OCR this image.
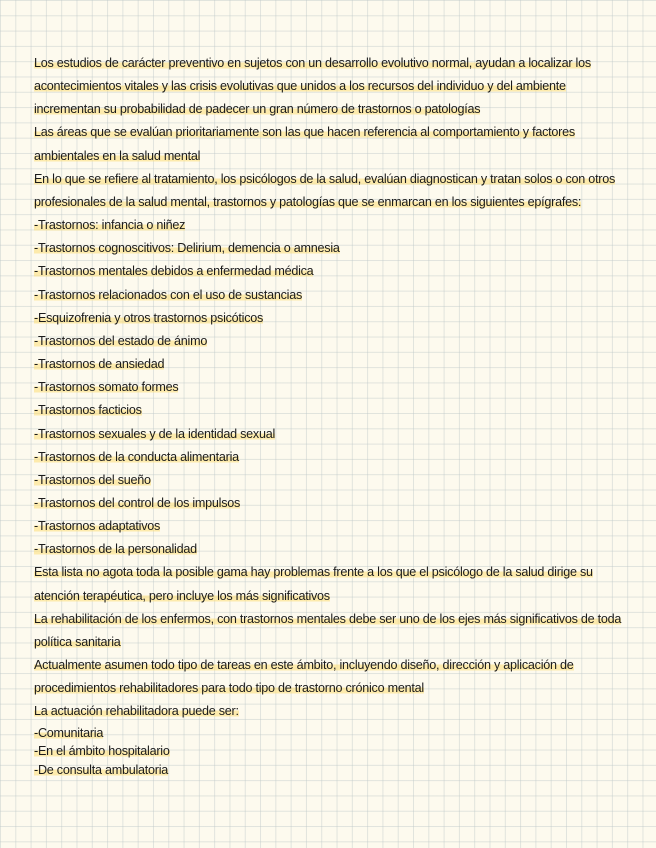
Los estudios de carácter preventivo en sujetos con un desarrollo evolutivo normal, ayudan a localizar los acontecimientos vitales y las crisis evolutivas que unidos a los recursos del individuo y del ambiente incrementan su probabilidad de padecer un gran número de trastornos o patologías
Las áreas que se evalúan prioritariamente son las que hacen referencia al comportamiento y factores ambientales en la salud mental
En lo que se refiere al tratamiento, los psicólogos de la salud, evalúan diagnostican y tratan solos o con otros profesionales de la salud mental, trastornos y patologías que se enmarcan en los siguientes epígrafes:
-Trastornos: infancia o niñez
-Trastornos cognoscitivos: Delirium, demencia o amnesia
-Trastornos mentales debidos a enfermedad médica
-Trastornos relacionados con el uso de sustancias
-Esquizofrenia y otros trastornos psicóticos
-Trastornos del estado de ánimo
-Trastornos de ansiedad
-Trastornos somato formes
-Trastornos facticios
-Trastornos sexuales y de la identidad sexual
-Trastornos de la conducta alimentaria
-Trastornos del sueño
-Trastornos del control de los impulsos
-Trastornos adaptativos
-Trastornos de la personalidad
Esta lista no agota toda la posible gama hay problemas frente a los que el psicólogo de la salud dirige su atención terapéutica, pero incluye los más significativos
La rehabilitación de los enfermos, con trastornos mentales debe ser uno de los ejes más significativos de toda política sanitaria
Actualmente asumen todo tipo de tareas en este ámbito, incluyendo diseño, dirección y aplicación de procedimientos rehabilitadores para todo tipo de trastorno crónico mental
La actuación rehabilitadora puede ser:
-Comunitaria
-En el ámbito hospitalario
-De consulta ambulatoria
